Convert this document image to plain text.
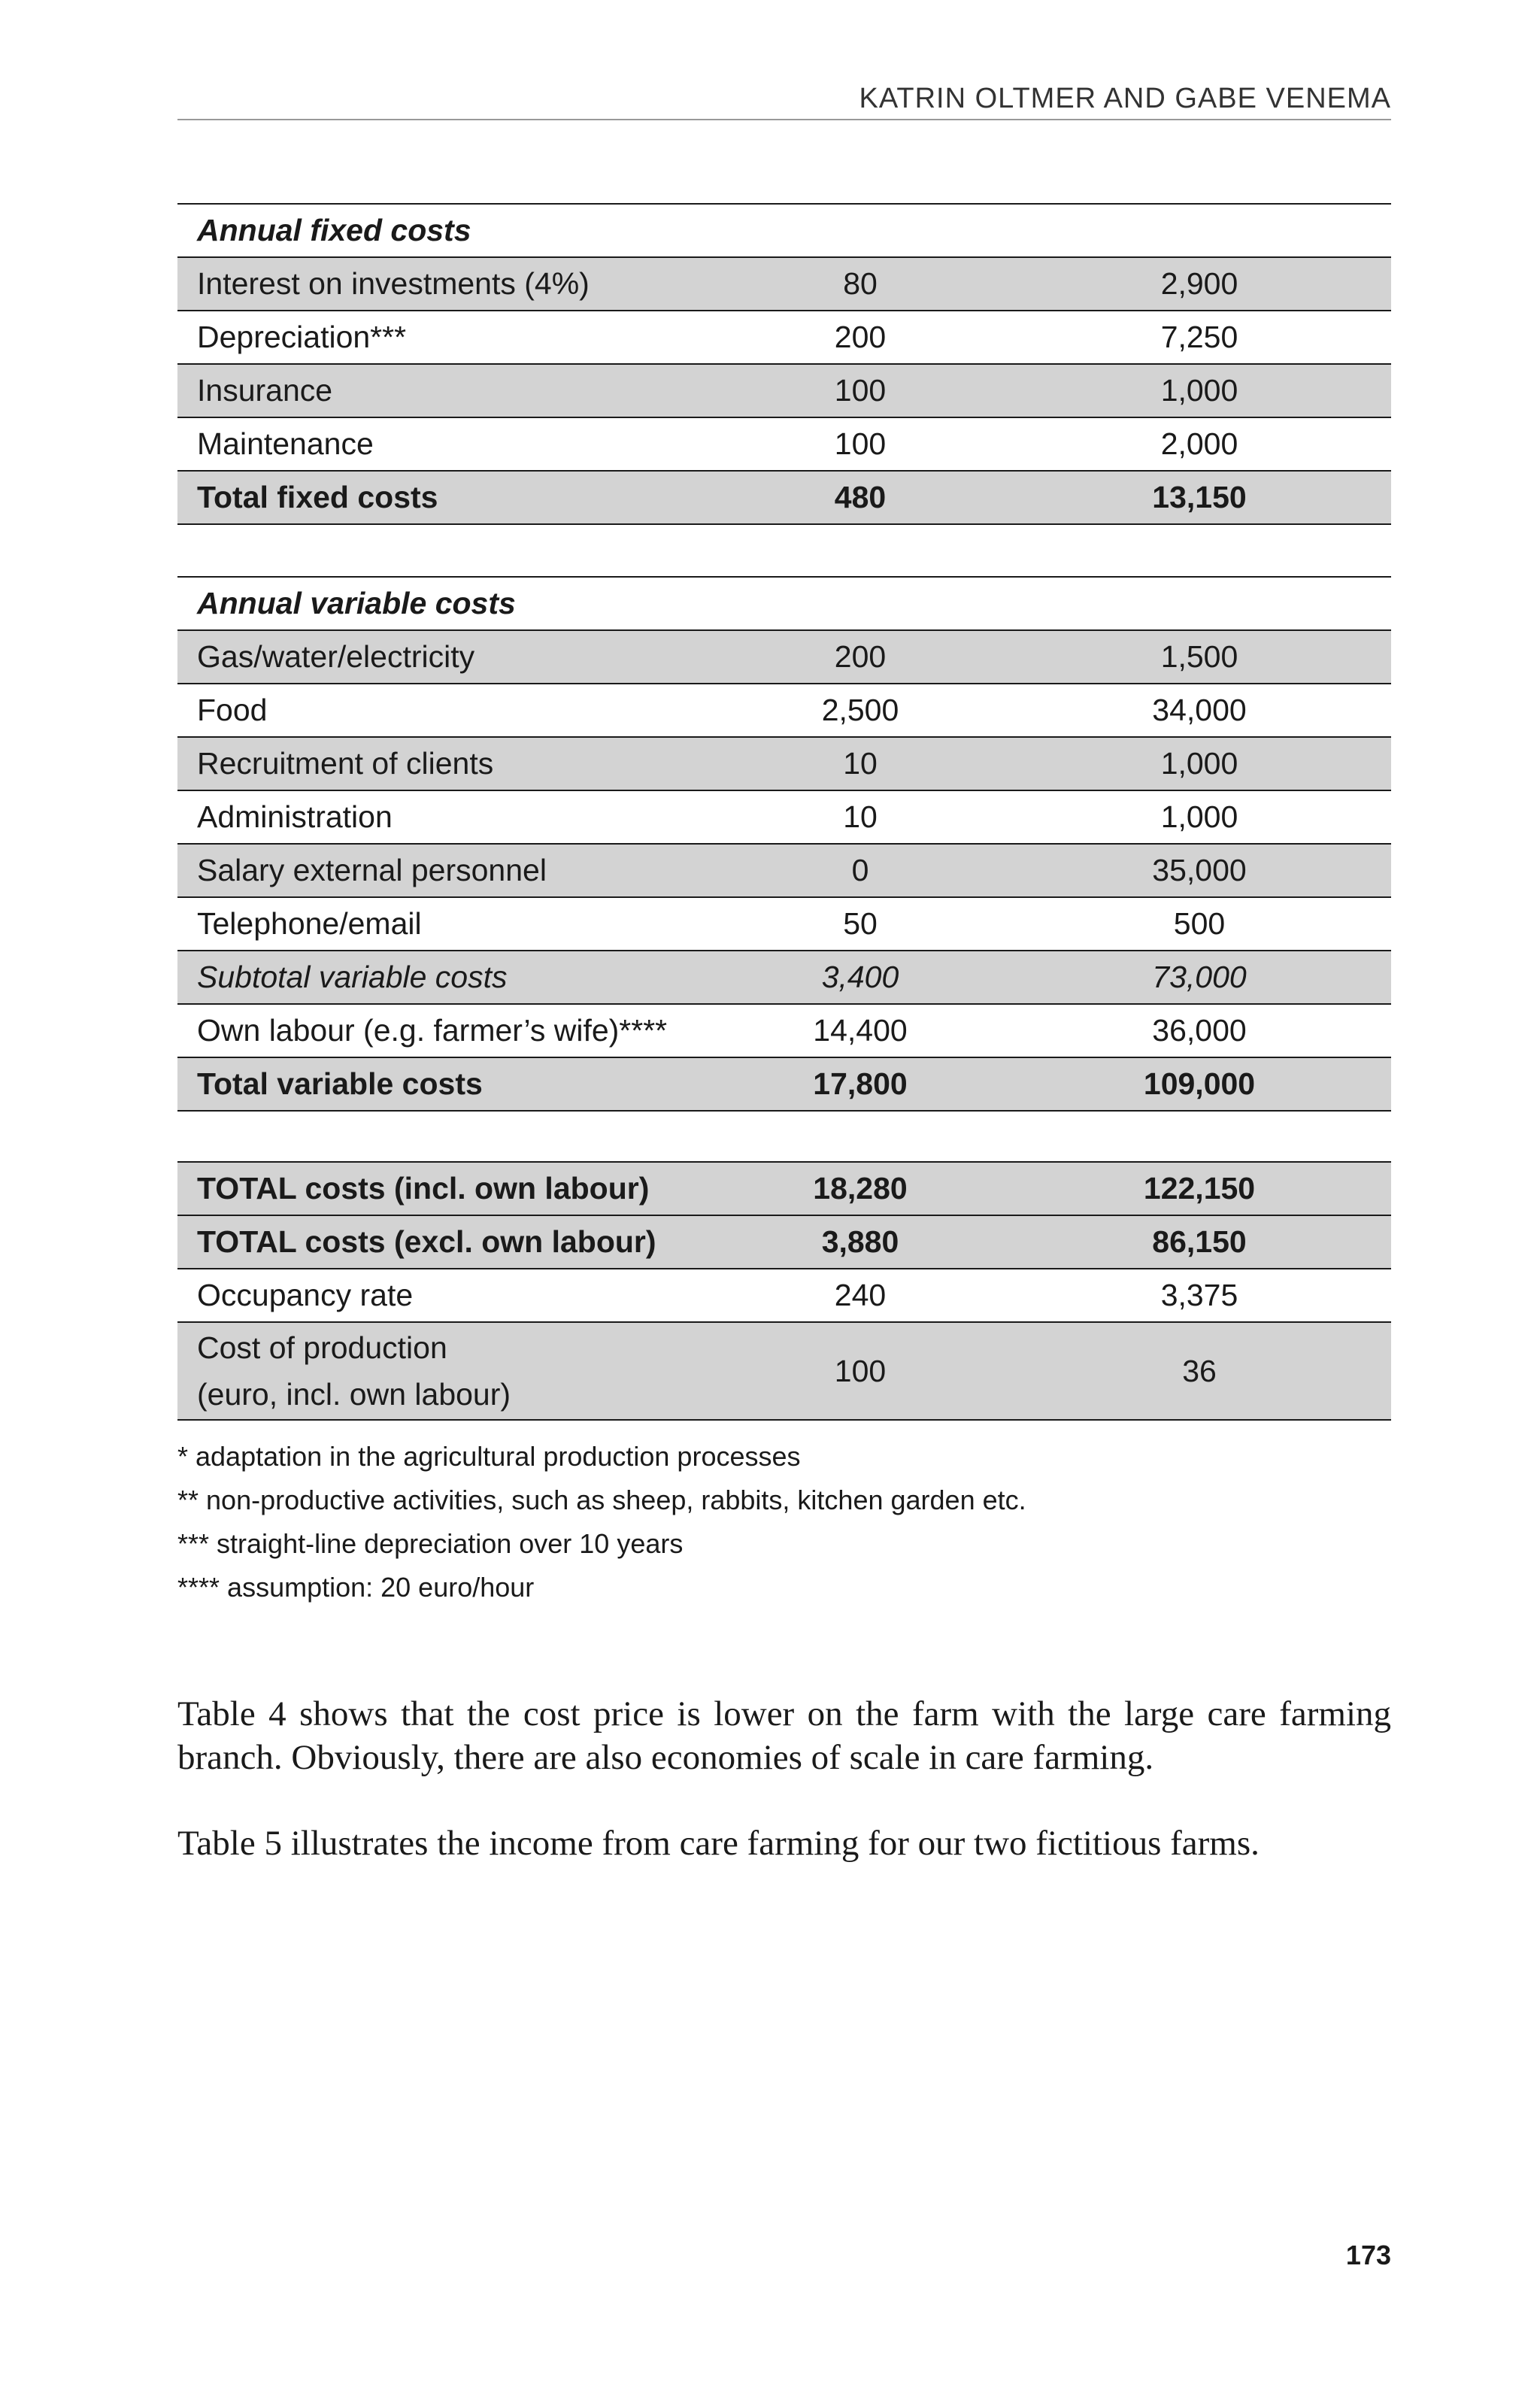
KATRIN OLTMER AND GABE VENEMA
Annual fixed costs		
Interest on investments (4%)	80	2,900
Depreciation***	200	7,250
Insurance	100	1,000
Maintenance	100	2,000
Total fixed costs	480	13,150
Annual variable costs		
Gas/water/electricity	200	1,500
Food	2,500	34,000
Recruitment of clients	10	1,000
Administration	10	1,000
Salary external personnel	0	35,000
Telephone/email	50	500
Subtotal variable costs	3,400	73,000
Own labour (e.g. farmer’s wife)****	14,400	36,000
Total variable costs	17,800	109,000
TOTAL costs (incl. own labour)	18,280	122,150
TOTAL costs (excl. own labour)	3,880	86,150
Occupancy rate	240	3,375

Cost of production
(euro, incl. own labour)	100	36
* adaptation in the agricultural production processes
** non-productive activities, such as sheep, rabbits, kitchen garden etc.
*** straight-line depreciation over 10 years
**** assumption: 20 euro/hour
Table 4 shows that the cost price is lower on the farm with the large care farming branch. Obviously, there are also economies of scale in care farming.
Table 5 illustrates the income from care farming for our two fictitious farms.
173
